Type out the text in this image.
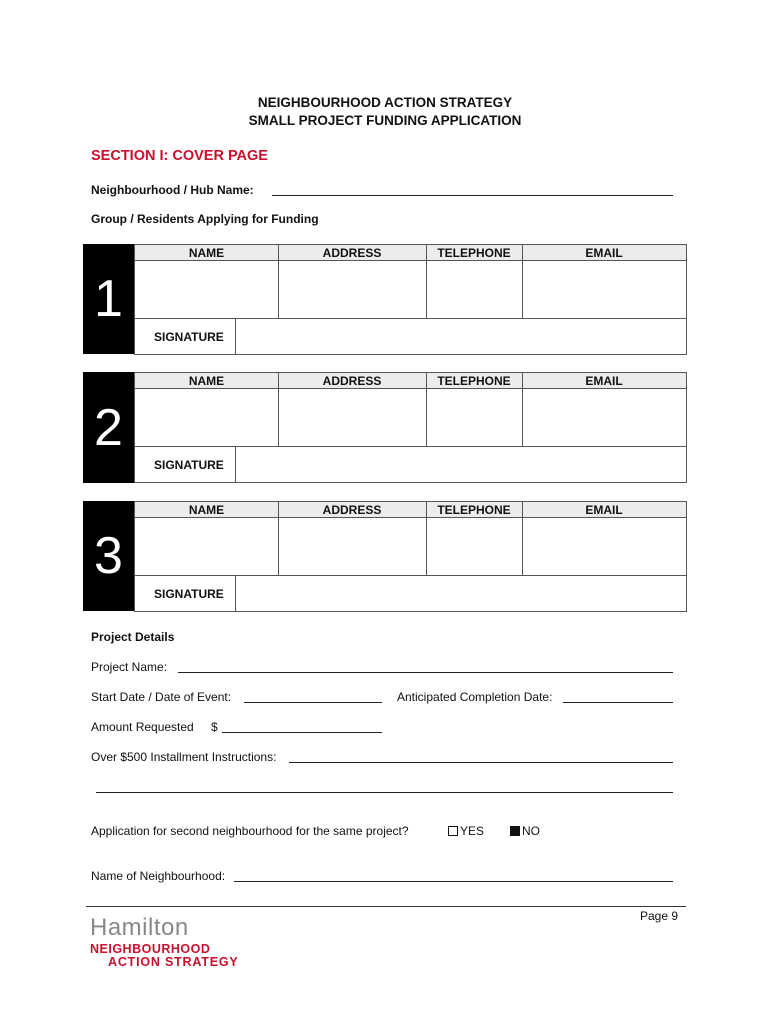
NEIGHBOURHOOD ACTION STRATEGY
SMALL PROJECT FUNDING APPLICATION
SECTION I: COVER PAGE
Neighbourhood / Hub Name:
Group / Residents Applying for Funding
1
NAME	ADDRESS	TELEPHONE	EMAIL
SIGNATURE
2
NAME	ADDRESS	TELEPHONE	EMAIL
SIGNATURE
3
NAME	ADDRESS	TELEPHONE	EMAIL
SIGNATURE
Project Details
Project Name:
Start Date / Date of Event:	Anticipated Completion Date:
Amount Requested $
Over $500 Installment Instructions:
Application for second neighbourhood for the same project?	YES	NO
Name of Neighbourhood:
Page 9
Hamilton
NEIGHBOURHOOD
ACTION STRATEGY
